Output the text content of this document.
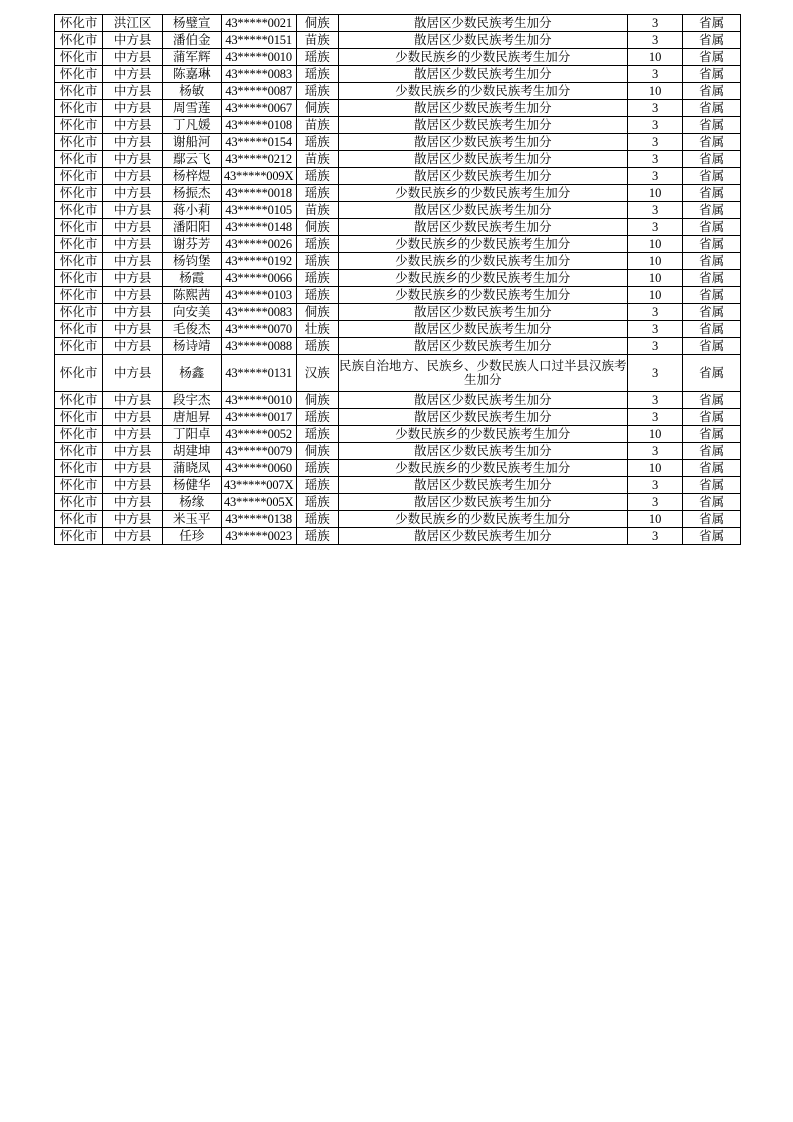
怀化市	洪江区	杨璧宣	43*****0021	侗族	散居区少数民族考生加分	3	省属
怀化市	中方县	潘伯金	43*****0151	苗族	散居区少数民族考生加分	3	省属
怀化市	中方县	蒲军辉	43*****0010	瑶族	少数民族乡的少数民族考生加分	10	省属
怀化市	中方县	陈嘉琳	43*****0083	瑶族	散居区少数民族考生加分	3	省属
怀化市	中方县	杨敏	43*****0087	瑶族	少数民族乡的少数民族考生加分	10	省属
怀化市	中方县	周雪莲	43*****0067	侗族	散居区少数民族考生加分	3	省属
怀化市	中方县	丁凡媛	43*****0108	苗族	散居区少数民族考生加分	3	省属
怀化市	中方县	谢船河	43*****0154	瑶族	散居区少数民族考生加分	3	省属
怀化市	中方县	鄢云飞	43*****0212	苗族	散居区少数民族考生加分	3	省属
怀化市	中方县	杨梓煜	43*****009X	瑶族	散居区少数民族考生加分	3	省属
怀化市	中方县	杨振杰	43*****0018	瑶族	少数民族乡的少数民族考生加分	10	省属
怀化市	中方县	蒋小莉	43*****0105	苗族	散居区少数民族考生加分	3	省属
怀化市	中方县	潘阳阳	43*****0148	侗族	散居区少数民族考生加分	3	省属
怀化市	中方县	谢芬芳	43*****0026	瑶族	少数民族乡的少数民族考生加分	10	省属
怀化市	中方县	杨钧堡	43*****0192	瑶族	少数民族乡的少数民族考生加分	10	省属
怀化市	中方县	杨霞	43*****0066	瑶族	少数民族乡的少数民族考生加分	10	省属
怀化市	中方县	陈熙茜	43*****0103	瑶族	少数民族乡的少数民族考生加分	10	省属
怀化市	中方县	向安美	43*****0083	侗族	散居区少数民族考生加分	3	省属
怀化市	中方县	毛俊杰	43*****0070	壮族	散居区少数民族考生加分	3	省属
怀化市	中方县	杨诗靖	43*****0088	瑶族	散居区少数民族考生加分	3	省属
怀化市	中方县	杨鑫	43*****0131	汉族	民族自治地方、民族乡、少数民族人口过半县汉族考生加分	3	省属
怀化市	中方县	段宇杰	43*****0010	侗族	散居区少数民族考生加分	3	省属
怀化市	中方县	唐旭昇	43*****0017	瑶族	散居区少数民族考生加分	3	省属
怀化市	中方县	丁阳卓	43*****0052	瑶族	少数民族乡的少数民族考生加分	10	省属
怀化市	中方县	胡建坤	43*****0079	侗族	散居区少数民族考生加分	3	省属
怀化市	中方县	蒲晓凤	43*****0060	瑶族	少数民族乡的少数民族考生加分	10	省属
怀化市	中方县	杨健华	43*****007X	瑶族	散居区少数民族考生加分	3	省属
怀化市	中方县	杨缘	43*****005X	瑶族	散居区少数民族考生加分	3	省属
怀化市	中方县	米玉平	43*****0138	瑶族	少数民族乡的少数民族考生加分	10	省属
怀化市	中方县	任珍	43*****0023	瑶族	散居区少数民族考生加分	3	省属
